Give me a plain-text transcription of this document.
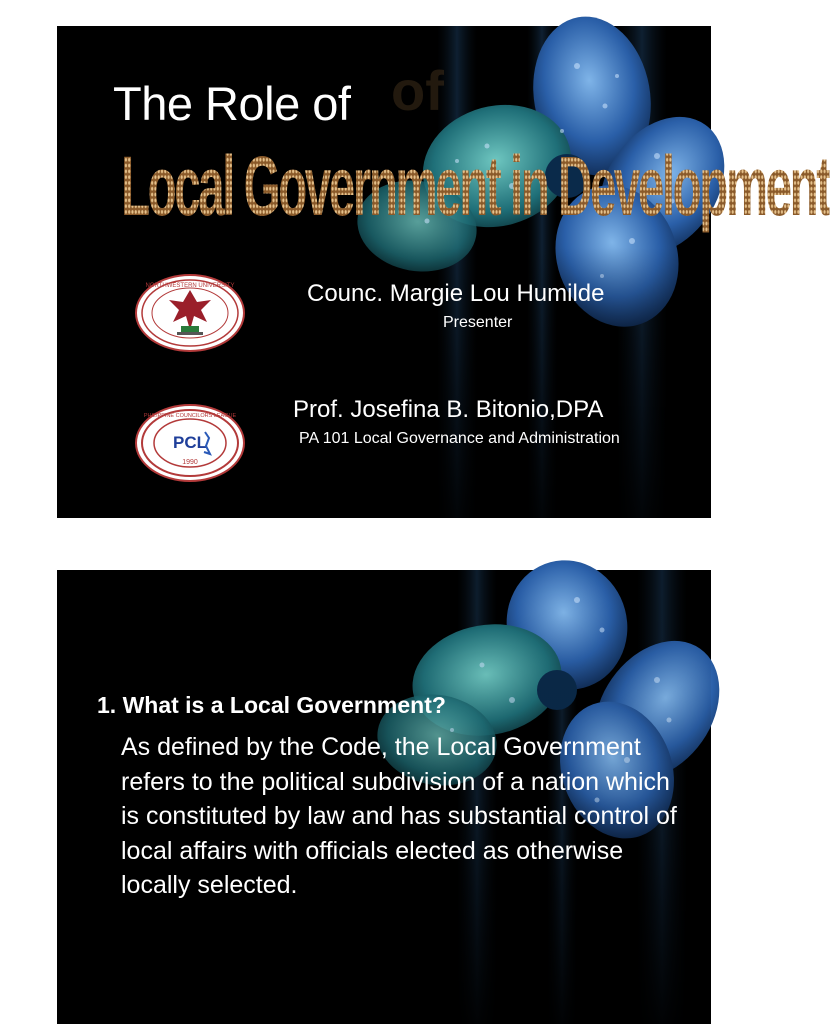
of
The Role of
Local Government in Development
NORTHWESTERN UNIVERSITY
PCL
1990
PHILIPPINE COUNCILORS LEAGUE
Counc. Margie Lou Humilde
Presenter
Prof. Josefina B. Bitonio,DPA
PA 101 Local Governance and Administration
1. What is a Local Government?

As defined by the Code, the Local Government refers to the political subdivision of a nation which is constituted by law and has substantial control of local affairs with officials elected as otherwise locally selected.
